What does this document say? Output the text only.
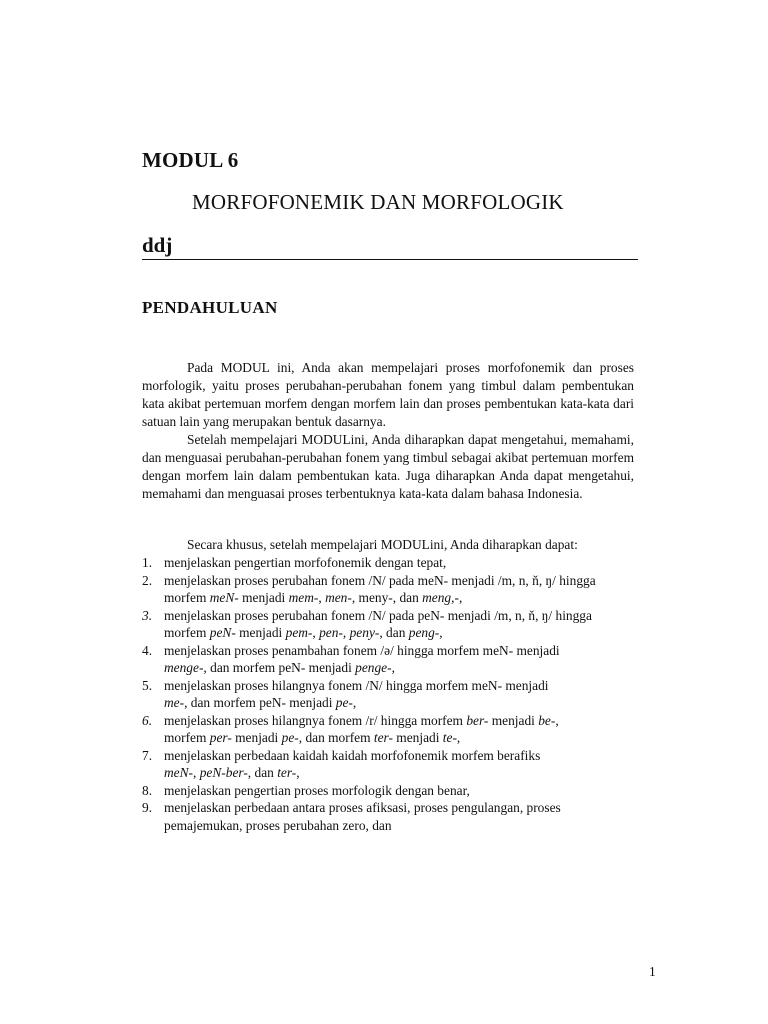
MODUL 6
MORFOFONEMIK DAN MORFOLOGIK
ddj
PENDAHULUAN

Pada MODUL ini, Anda akan mempelajari proses morfofonemik dan proses morfologik, yaitu proses perubahan-perubahan fonem yang timbul dalam pembentukan kata akibat pertemuan morfem dengan morfem lain dan proses pembentukan kata-kata dari satuan lain yang merupakan bentuk dasarnya.

Setelah mempelajari MODULini, Anda diharapkan dapat mengetahui, memahami, dan menguasai perubahan-perubahan fonem yang timbul sebagai akibat pertemuan morfem dengan morfem lain dalam pembentukan kata. Juga diharapkan Anda dapat mengetahui, memahami dan menguasai proses terbentuknya kata-kata dalam bahasa Indonesia.

Secara khusus, setelah mempelajari MODULini, Anda diharapkan dapat:
1. menjelaskan pengertian morfofonemik dengan tepat,
2. menjelaskan proses perubahan fonem /N/ pada meN- menjadi /m, n, ň, ŋ/ hingga
morfem meN- menjadi mem-, men-, meny-, dan meng,-,
3. menjelaskan proses perubahan fonem /N/ pada peN- menjadi /m, n, ň, ŋ/ hingga
morfem peN- menjadi pem-, pen-, peny-, dan peng-,
4. menjelaskan proses penambahan fonem /ə/ hingga morfem meN- menjadi
menge-, dan morfem peN- menjadi penge-,
5. menjelaskan proses hilangnya fonem /N/ hingga morfem meN- menjadi
me-, dan morfem peN- menjadi pe-,
6. menjelaskan proses hilangnya fonem /r/ hingga morfem ber- menjadi be-,
morfem per- menjadi pe-, dan morfem ter- menjadi te-,
7. menjelaskan perbedaan kaidah kaidah morfofonemik morfem berafiks
meN-, peN-ber-, dan ter-,
8. menjelaskan pengertian proses morfologik dengan benar,
9. menjelaskan perbedaan antara proses afiksasi, proses pengulangan, proses
pemajemukan, proses perubahan zero, dan
1
